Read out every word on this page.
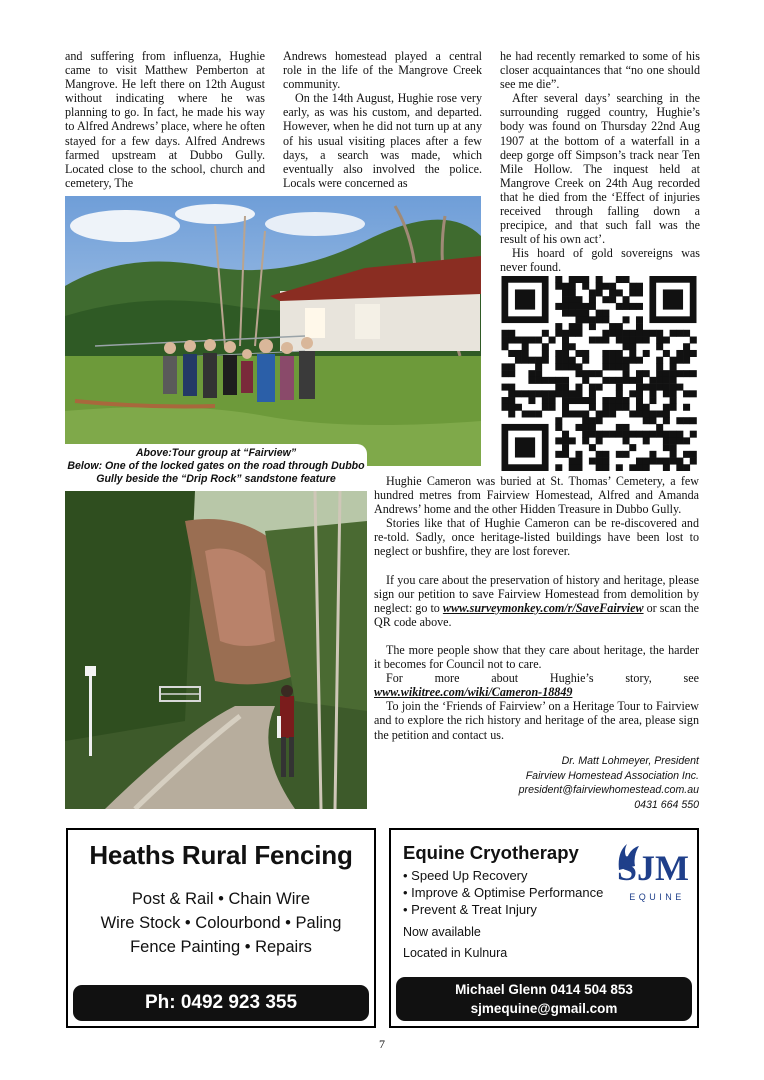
and suffering from influenza, Hughie came to visit Matthew Pemberton at Mangrove. He left there on 12th August without indicating where he was planning to go. In fact, he made his way to Alfred Andrews’ place, where he often stayed for a few days. Alfred Andrews farmed upstream at Dubbo Gully. Located close to the school, church and cemetery, The

Andrews homestead played a central role in the life of the Mangrove Creek community.

On the 14th August, Hughie rose very early, as was his custom, and departed. However, when he did not turn up at any of his usual visiting places after a few days, a search was made, which eventually also involved the police. Locals were concerned as

he had recently remarked to some of his closer acquaintances that “no one should see me die”.

After several days’ searching in the surrounding rugged country, Hughie’s body was found on Thursday 22nd Aug 1907 at the bottom of a waterfall in a deep gorge off Simpson’s track near Ten Mile Hollow. The inquest held at Mangrove Creek on 24th Aug recorded that he died from the ‘Effect of injuries received through falling down a precipice, and that such fall was the result of his own act’.

His hoard of gold sovereigns was never found.

Above:Tour group at “Fairview”
Below: One of the locked gates on the road through Dubbo Gully beside the “Drip Rock” sandstone feature	Hughie Cameron was buried at St. Thomas’ Cemetery, a few hundred metres from Fairview Homestead, Alfred and Amanda Andrews’ home and the other Hidden Treasure in Dubbo Gully.

Stories like that of Hughie Cameron can be re-discovered and re-told. Sadly, once heritage-listed buildings have been lost to neglect or bushfire, they are lost forever.

If you care about the preservation of history and heritage, please sign our petition to save Fairview Homestead from demolition by neglect: go to www.surveymonkey.com/r/SaveFairview or scan the QR code above.

The more people show that they care about heritage, the harder it becomes for Council not to care.

For more about Hughie’s story, see www.wikitree.com/wiki/Cameron-18849

To join the ‘Friends of Fairview’ on a Heritage Tour to Fairview and to explore the rich history and heritage of the area, please sign the petition and contact us.

Dr. Matt Lohmeyer, President
Fairview Homestead Association Inc.
president@fairviewhomestead.com.au
0431 664 550
Heaths Rural Fencing
Post & Rail • Chain Wire
Wire Stock • Colourbond • Paling
Fence Painting • Repairs
Ph: 0492 923 355
Equine Cryotherapy
• Speed Up Recovery
• Improve & Optimise Performance
• Prevent & Treat Injury
Now available
Located in Kulnura
SJM
EQUINE
Michael Glenn 0414 504 853
sjmequine@gmail.com
7
